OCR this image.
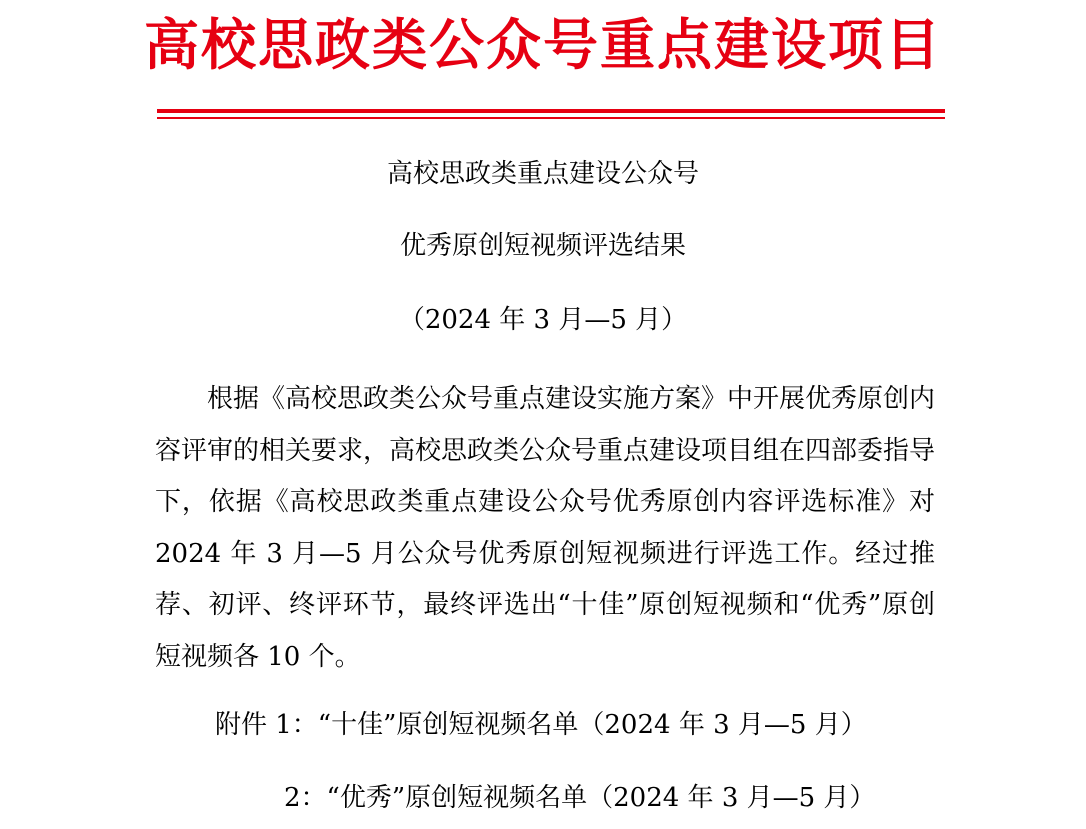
高校思政类公众号重点建设项目
高校思政类重点建设公众号
优秀原创短视频评选结果
（2024 年 3 月—5 月）

根据《高校思政类公众号重点建设实施方案》中开展优秀原创内容评审的相关要求，高校思政类公众号重点建设项目组在四部委指导下，依据《高校思政类重点建设公众号优秀原创内容评选标准》对 2024 年 3 月—5 月公众号优秀原创短视频进行评选工作。经过推荐、初评、终评环节，最终评选出“十佳”原创短视频和“优秀”原创短视频各 10 个。

附件 1：“十佳”原创短视频名单（2024 年 3 月—5 月）
2：“优秀”原创短视频名单（2024 年 3 月—5 月）
